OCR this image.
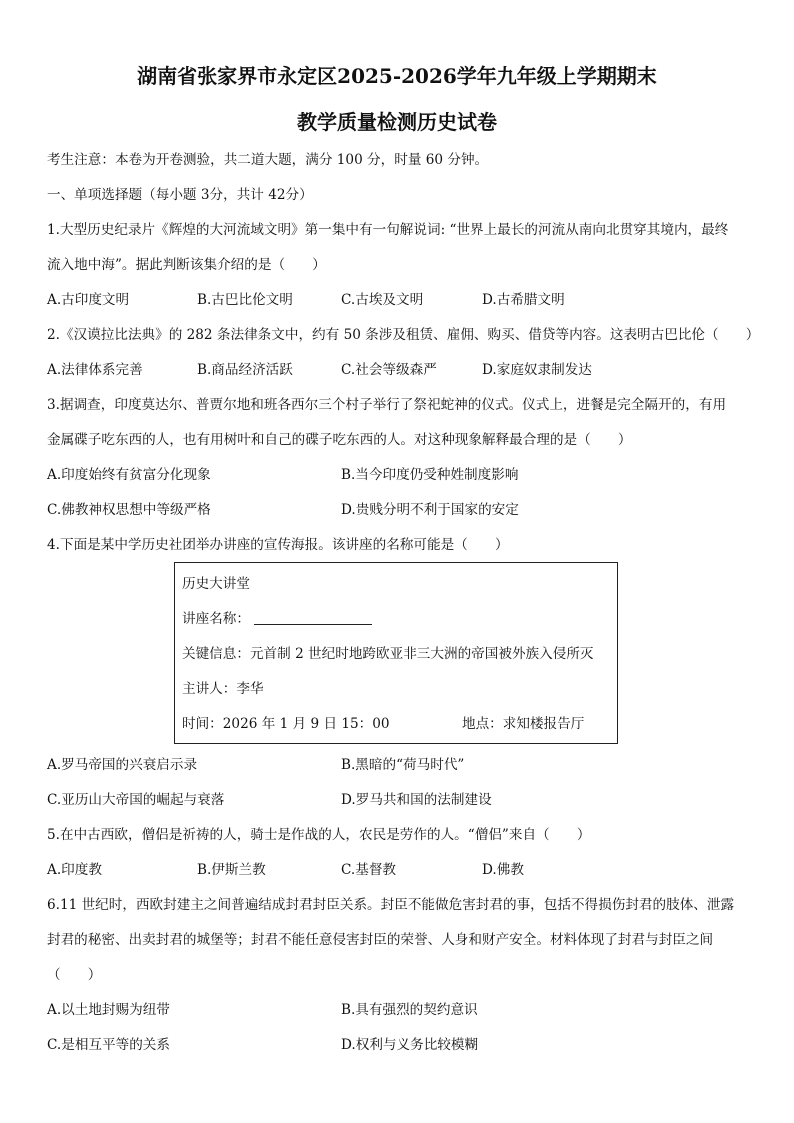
湖南省张家界市永定区2025-2026学年九年级上学期期末
教学质量检测历史试卷
考生注意：本卷为开卷测验，共二道大题，满分 100 分，时量 60 分钟。
一、单项选择题（每小题 3分，共计 42分）
1.大型历史纪录片《辉煌的大河流域文明》第一集中有一句解说词: “世界上最长的河流从南向北贯穿其境内，最终
流入地中海”。据此判断该集介绍的是（　　）
A.古印度文明	B.古巴比伦文明	C.古埃及文明	D.古希腊文明
2.《汉谟拉比法典》的 282 条法律条文中，约有 50 条涉及租赁、雇佣、购买、借贷等内容。这表明古巴比伦（　　）
A.法律体系完善	B.商品经济活跃	C.社会等级森严	D.家庭奴隶制发达
3.据调查，印度莫达尔、普贾尔地和班各西尔三个村子举行了祭祀蛇神的仪式。仪式上，进餐是完全隔开的，有用
金属碟子吃东西的人，也有用树叶和自己的碟子吃东西的人。对这种现象解释最合理的是（　　）
A.印度始终有贫富分化现象	B.当今印度仍受种姓制度影响
C.佛教神权思想中等级严格	D.贵贱分明不利于国家的安定
4.下面是某中学历史社团举办讲座的宣传海报。该讲座的名称可能是（　　）
历史大讲堂
讲座名称：
关键信息：元首制 2 世纪时地跨欧亚非三大洲的帝国被外族入侵所灭
主讲人：李华
时间：2026 年 1 月 9 日 15：00	地点：求知楼报告厅
A.罗马帝国的兴衰启示录	B.黑暗的“荷马时代”
C.亚历山大帝国的崛起与衰落	D.罗马共和国的法制建设
5.在中古西欧，僧侣是祈祷的人，骑士是作战的人，农民是劳作的人。“僧侣”来自（　　）
A.印度教	B.伊斯兰教	C.基督教	D.佛教
6.11 世纪时，西欧封建主之间普遍结成封君封臣关系。封臣不能做危害封君的事，包括不得损伤封君的肢体、泄露
封君的秘密、出卖封君的城堡等；封君不能任意侵害封臣的荣誉、人身和财产安全。材料体现了封君与封臣之间
（　　）
A.以土地封赐为纽带	B.具有强烈的契约意识
C.是相互平等的关系	D.权利与义务比较模糊
